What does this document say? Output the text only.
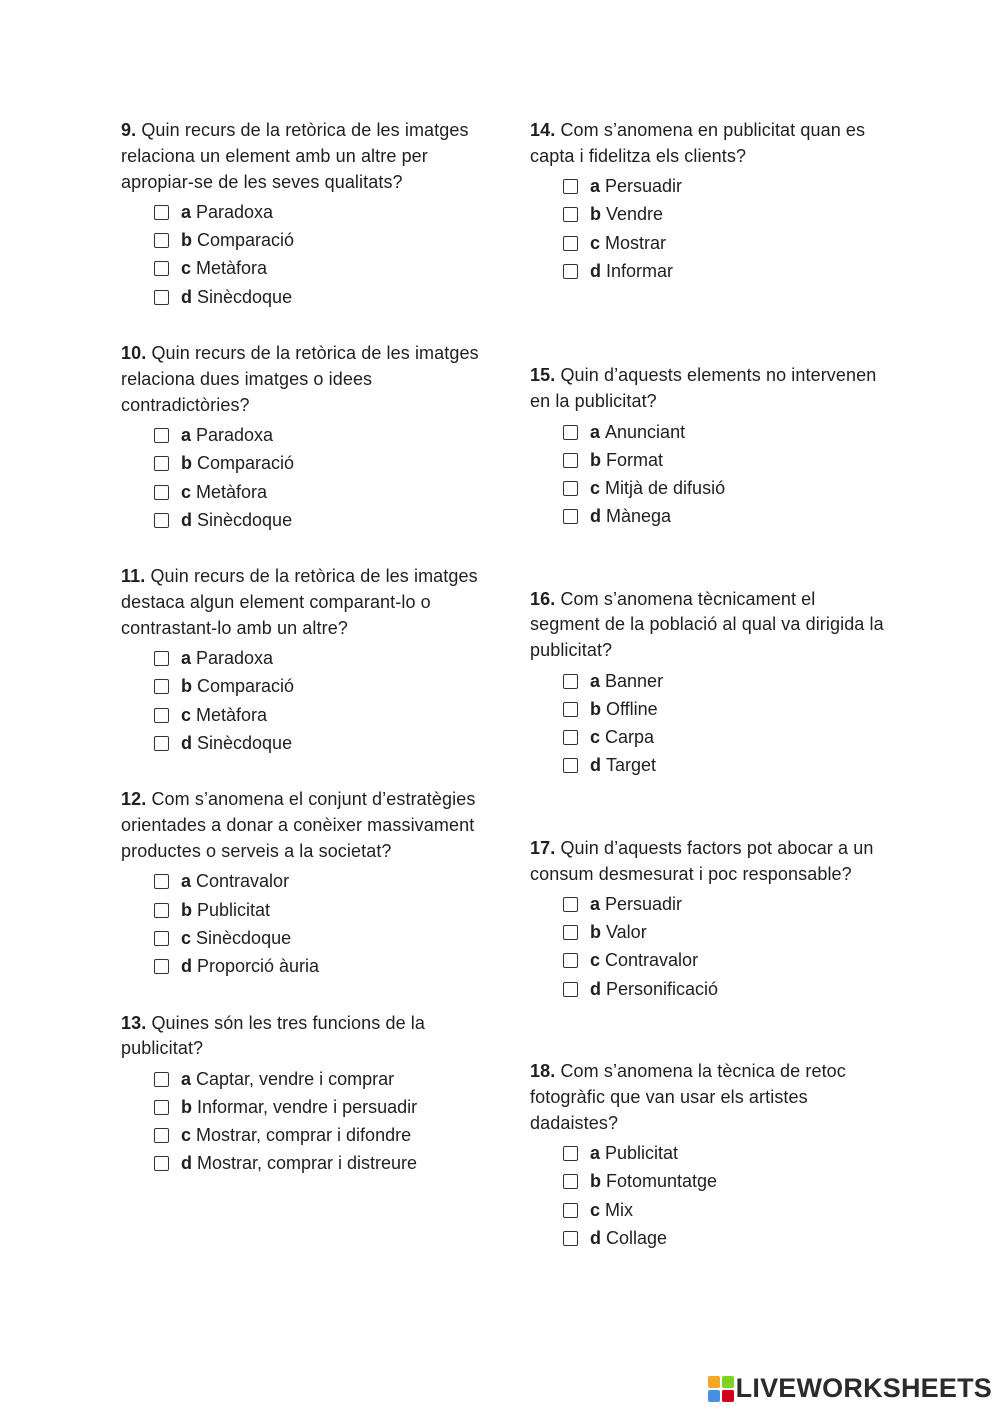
9. Quin recurs de la retòrica de les imatges relaciona un element amb un altre per apropiar-se de les seves qualitats?

a Paradoxa
b Comparació
c Metàfora
d Sinècdoque

10. Quin recurs de la retòrica de les imatges relaciona dues imatges o idees contradictòries?

a Paradoxa
b Comparació
c Metàfora
d Sinècdoque

11. Quin recurs de la retòrica de les imatges destaca algun element comparant-lo o contrastant-lo amb un altre?

a Paradoxa
b Comparació
c Metàfora
d Sinècdoque

12. Com s’anomena el conjunt d’estratègies orientades a donar a conèixer massivament productes o serveis a la societat?

a Contravalor
b Publicitat
c Sinècdoque
d Proporció àuria

13. Quines són les tres funcions de la publicitat?

a Captar, vendre i comprar
b Informar, vendre i persuadir
c Mostrar, comprar i difondre
d Mostrar, comprar i distreure

14. Com s’anomena en publicitat quan es capta i fidelitza els clients?

a Persuadir
b Vendre
c Mostrar
d Informar

15. Quin d’aquests elements no intervenen en la publicitat?

a Anunciant
b Format
c Mitjà de difusió
d Mànega

16. Com s’anomena tècnicament el segment de la població al qual va dirigida la publicitat?

a Banner
b Offline
c Carpa
d Target

17. Quin d’aquests factors pot abocar a un consum desmesurat i poc responsable?

a Persuadir
b Valor
c Contravalor
d Personificació

18. Com s’anomena la tècnica de retoc fotogràfic que van usar els artistes dadaistes?

a Publicitat
b Fotomuntatge
c Mix
d Collage
LIVEWORKSHEETS
